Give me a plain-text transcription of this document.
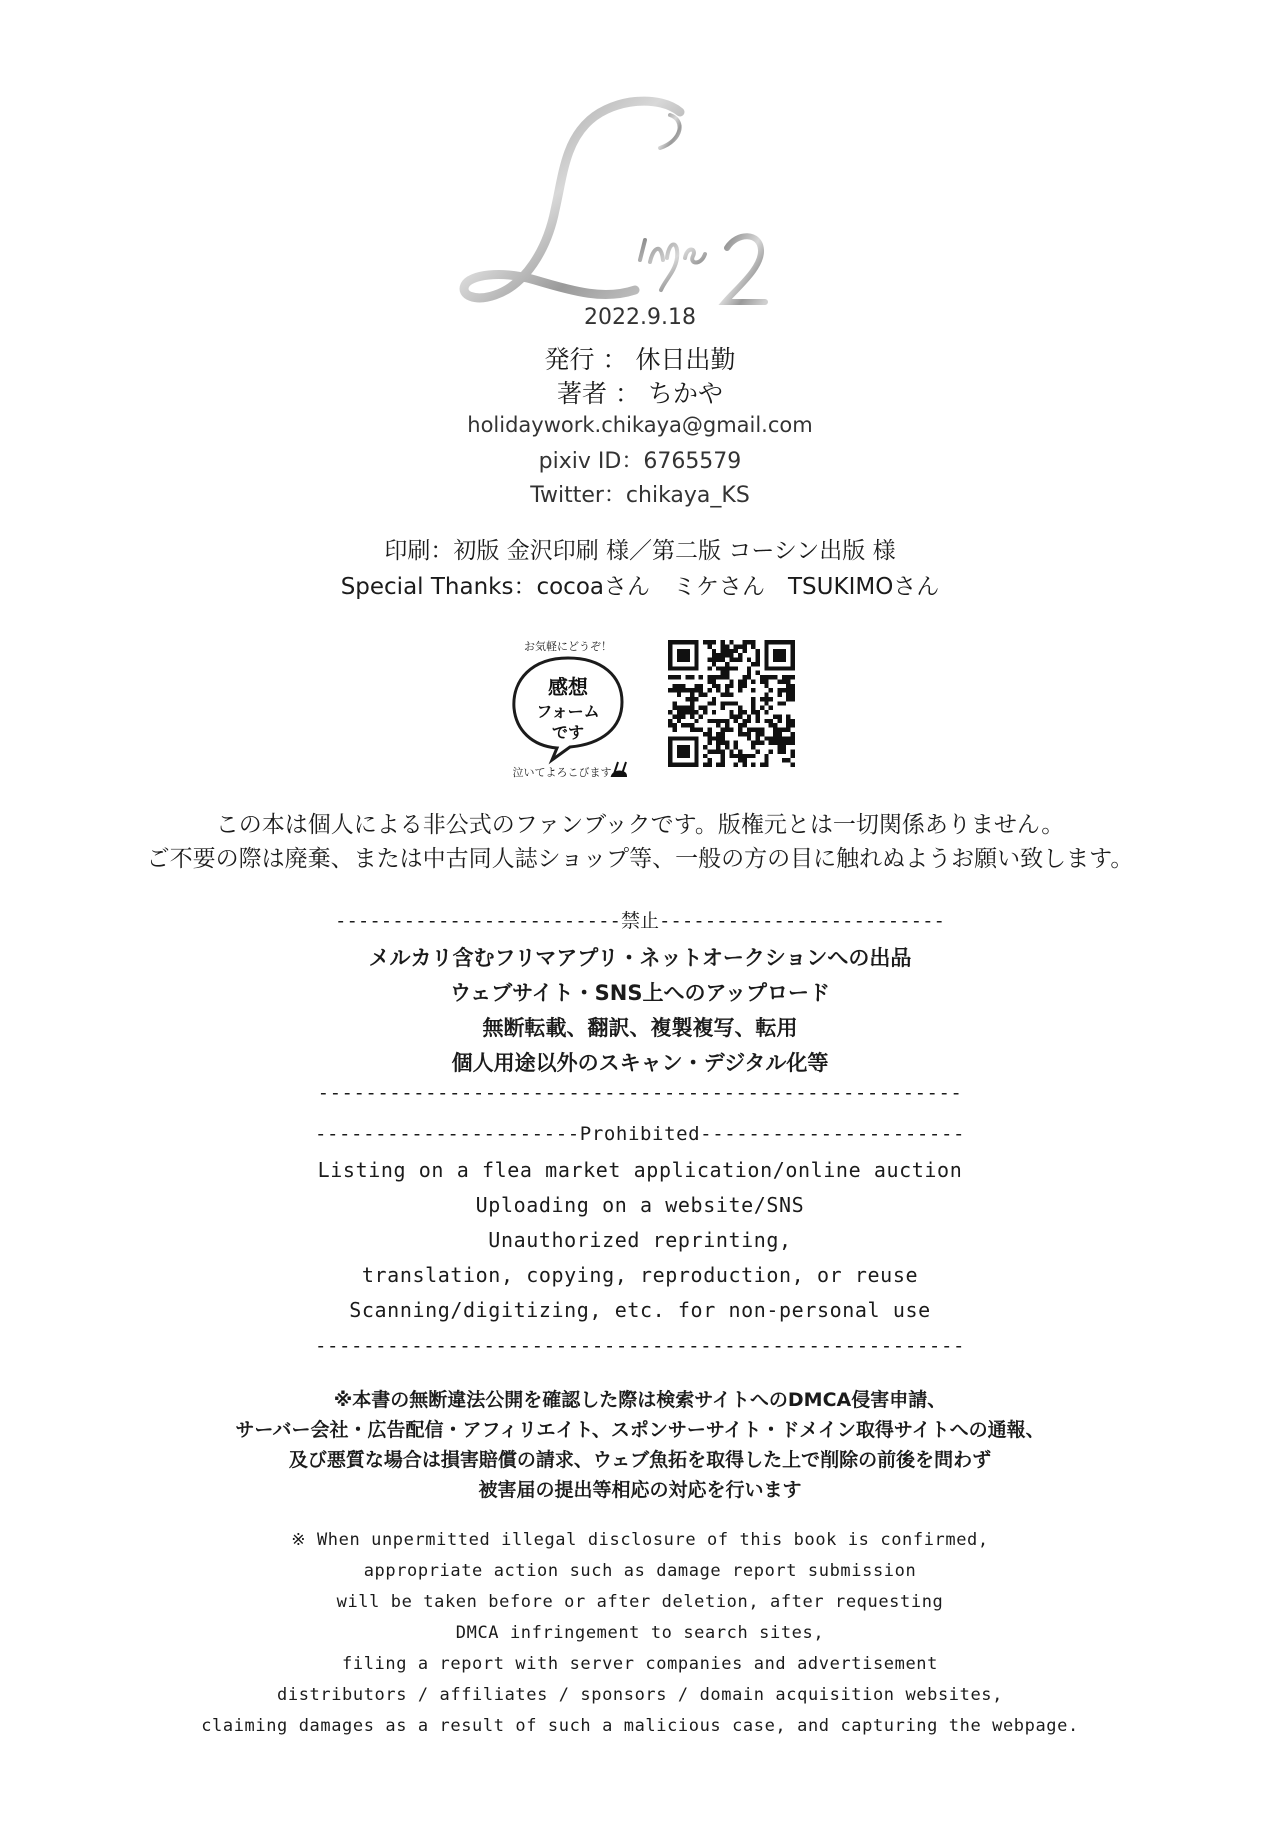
2022.9.18
発行 ： 休日出勤
著者 ： ちかや
holidaywork.chikaya@gmail.com
pixiv ID：6765579
Twitter：chikaya_KS
印刷：初版 金沢印刷 様／第二版 コーシン出版 様
Special Thanks：cocoaさん　ミケさん　TSUKIMOさん
お気軽にどうぞ！
感想
フォーム
です
泣いてよろこびます
この本は個人による非公式のファンブックです。版権元とは一切関係ありません。
ご不要の際は廃棄、または中古同人誌ショップ等、一般の方の目に触れぬようお願い致します。
-------------------------禁止-------------------------
メルカリ含むフリマアプリ・ネットオークションへの出品
ウェブサイト・SNS上へのアップロード
無断転載、翻訳、複製複写、転用
個人用途以外のスキャン・デジタル化等
------------------------------------------------------
----------------------Prohibited----------------------
Listing on a flea market application/online auction
Uploading on a website/SNS
Unauthorized reprinting,
translation, copying, reproduction, or reuse
Scanning/digitizing, etc. for non-personal use
------------------------------------------------------
※本書の無断違法公開を確認した際は検索サイトへのDMCA侵害申請、
サーバー会社・広告配信・アフィリエイト、スポンサーサイト・ドメイン取得サイトへの通報、
及び悪質な場合は損害賠償の請求、ウェブ魚拓を取得した上で削除の前後を問わず
被害届の提出等相応の対応を行います
※ When unpermitted illegal disclosure of this book is confirmed,
appropriate action such as damage report submission
will be taken before or after deletion, after requesting
DMCA infringement to search sites,
filing a report with server companies and advertisement
distributors / affiliates / sponsors / domain acquisition websites,
claiming damages as a result of such a malicious case, and capturing the webpage.
